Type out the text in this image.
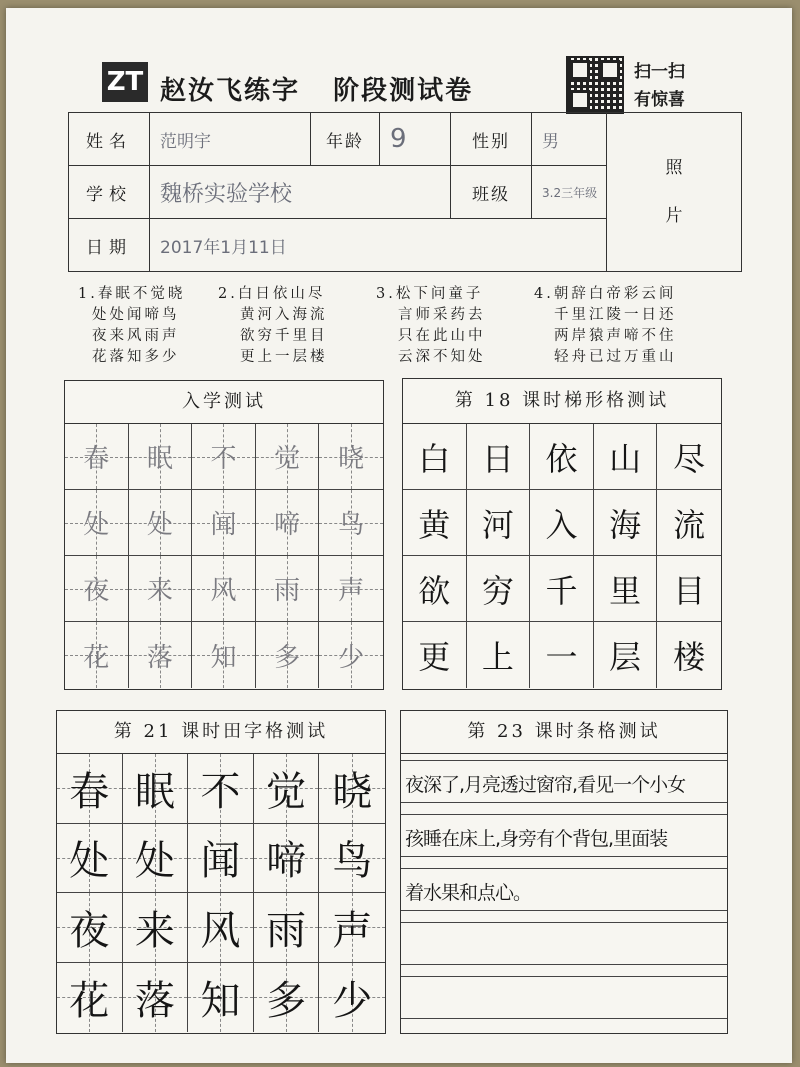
ZT 赵汝飞练字   阶段测试卷
扫一扫
有惊喜
姓名	范明宇	年龄	9	性别	男	照
片

学校	魏桥实验学校			班级	3.2三年级	
日期	2017年1月11日					
1.春眠不觉晓
处处闻啼鸟
夜来风雨声
花落知多少
2.白日依山尽
黄河入海流
欲穷千里目
更上一层楼
3.松下问童子
言师采药去
只在此山中
云深不知处
4.朝辞白帝彩云间
千里江陵一日还
两岸猿声啼不住
轻舟已过万重山
入学测试
春 眠 不 觉 晓
处 处 闻 啼 鸟
夜 来 风 雨 声
花 落 知 多 少
第 18 课时梯形格测试
白 日 依 山 尽
黄 河 入 海 流
欲 穷 千 里 目
更 上 一 层 楼
第 21 课时田字格测试
春 眠 不 觉 晓
处 处 闻 啼 鸟
夜 来 风 雨 声
花 落 知 多 少
第 23 课时条格测试
夜深了,月亮透过窗帘,看见一个小女
孩睡在床上,身旁有个背包,里面装
着水果和点心。
